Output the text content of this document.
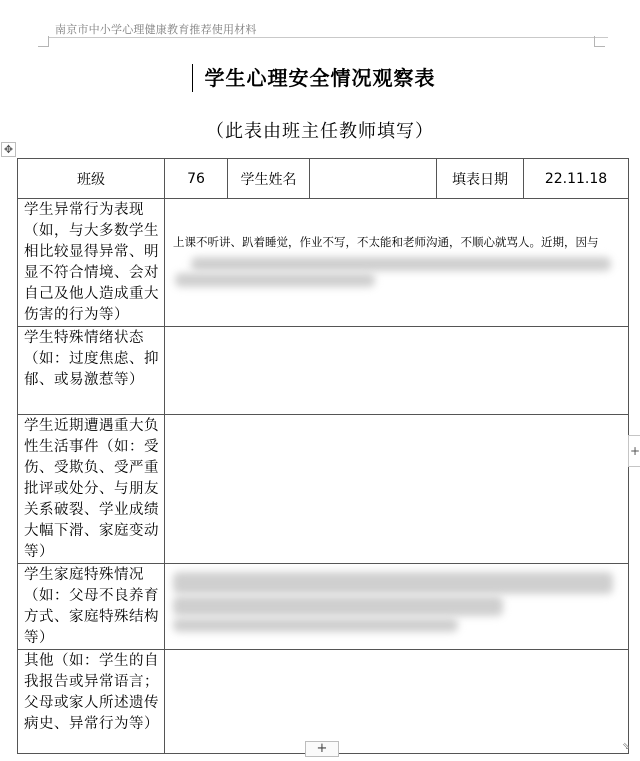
南京市中小学心理健康教育推荐使用材料
学生心理安全情况观察表
（此表由班主任教师填写）
✥
班级	76	学生姓名		填表日期	22.11.18
学生异常行为表现（如，与大多数学生相比较显得异常、明显不符合情境、会对自己及他人造成重大伤害的行为等）	上课不听讲、趴着睡觉，作业不写，不太能和老师沟通，不顺心就骂人。近期，因与				

学生特殊情绪状态（如：过度焦虑、抑郁、或易激惹等）					
学生近期遭遇重大负性生活事件（如：受伤、受欺负、受严重批评或处分、与朋友关系破裂、学业成绩大幅下滑、家庭变动等）					
学生家庭特殊情况（如：父母不良养育方式、家庭特殊结构等）					

其他（如：学生的自我报告或异常语言；父母或家人所述遗传病史、异常行为等）					
+
+	⇘
